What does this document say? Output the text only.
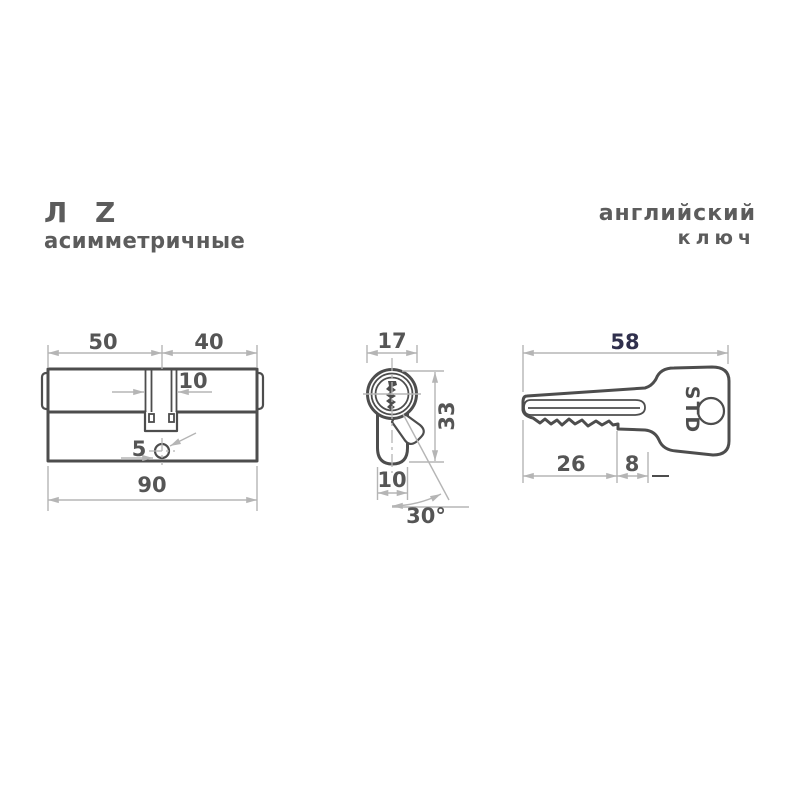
Л Z
асимметричные
английский
ключ
50	40
10
5
90
17
33
10
30°
STD
58
26 8
